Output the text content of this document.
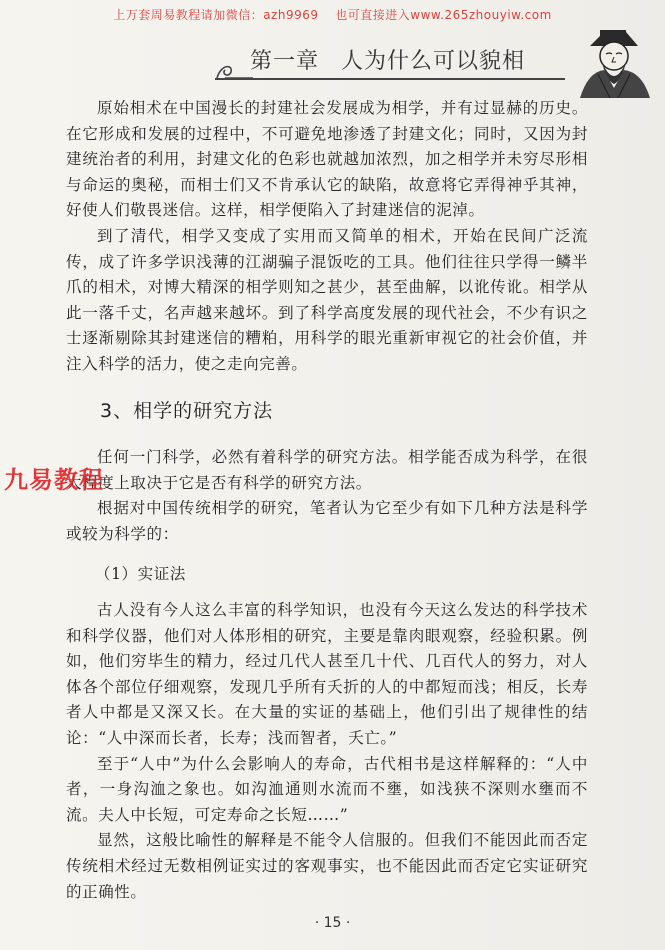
上万套周易教程请加微信：azh9969　 也可直接进入www.265zhouyiw.com
第一章 人为什么可以貌相

原始相术在中国漫长的封建社会发展成为相学，并有过显赫的历史。在它形成和发展的过程中，不可避免地渗透了封建文化；同时，又因为封建统治者的利用，封建文化的色彩也就越加浓烈，加之相学并未穷尽形相与命运的奥秘，而相士们又不肯承认它的缺陷，故意将它弄得神乎其神，好使人们敬畏迷信。这样，相学便陷入了封建迷信的泥淖。

到了清代，相学又变成了实用而又简单的相术，开始在民间广泛流传，成了许多学识浅薄的江湖骗子混饭吃的工具。他们往往只学得一鳞半爪的相术，对博大精深的相学则知之甚少，甚至曲解，以讹传讹。相学从此一落千丈，名声越来越坏。到了科学高度发展的现代社会，不少有识之士逐渐剔除其封建迷信的糟粕，用科学的眼光重新审视它的社会价值，并注入科学的活力，使之走向完善。

3、相学的研究方法

任何一门科学，必然有着科学的研究方法。相学能否成为科学，在很大程度上取决于它是否有科学的研究方法。

根据对中国传统相学的研究，笔者认为它至少有如下几种方法是科学或较为科学的：

（1）实证法

古人没有今人这么丰富的科学知识，也没有今天这么发达的科学技术和科学仪器，他们对人体形相的研究，主要是靠肉眼观察，经验积累。例如，他们穷毕生的精力，经过几代人甚至几十代、几百代人的努力，对人体各个部位仔细观察，发现几乎所有夭折的人的中都短而浅；相反，长寿者人中都是又深又长。在大量的实证的基础上，他们引出了规律性的结论：“人中深而长者，长寿；浅而智者，夭亡。”

至于“人中”为什么会影响人的寿命，古代相书是这样解释的：“人中者，一身沟洫之象也。如沟洫通则水流而不壅，如浅狭不深则水壅而不流。夫人中长短，可定寿命之长短……”

显然，这般比喻性的解释是不能令人信服的。但我们不能因此而否定传统相术经过无数相例证实过的客观事实，也不能因此而否定它实证研究的正确性。

九易教程
· 15 ·
